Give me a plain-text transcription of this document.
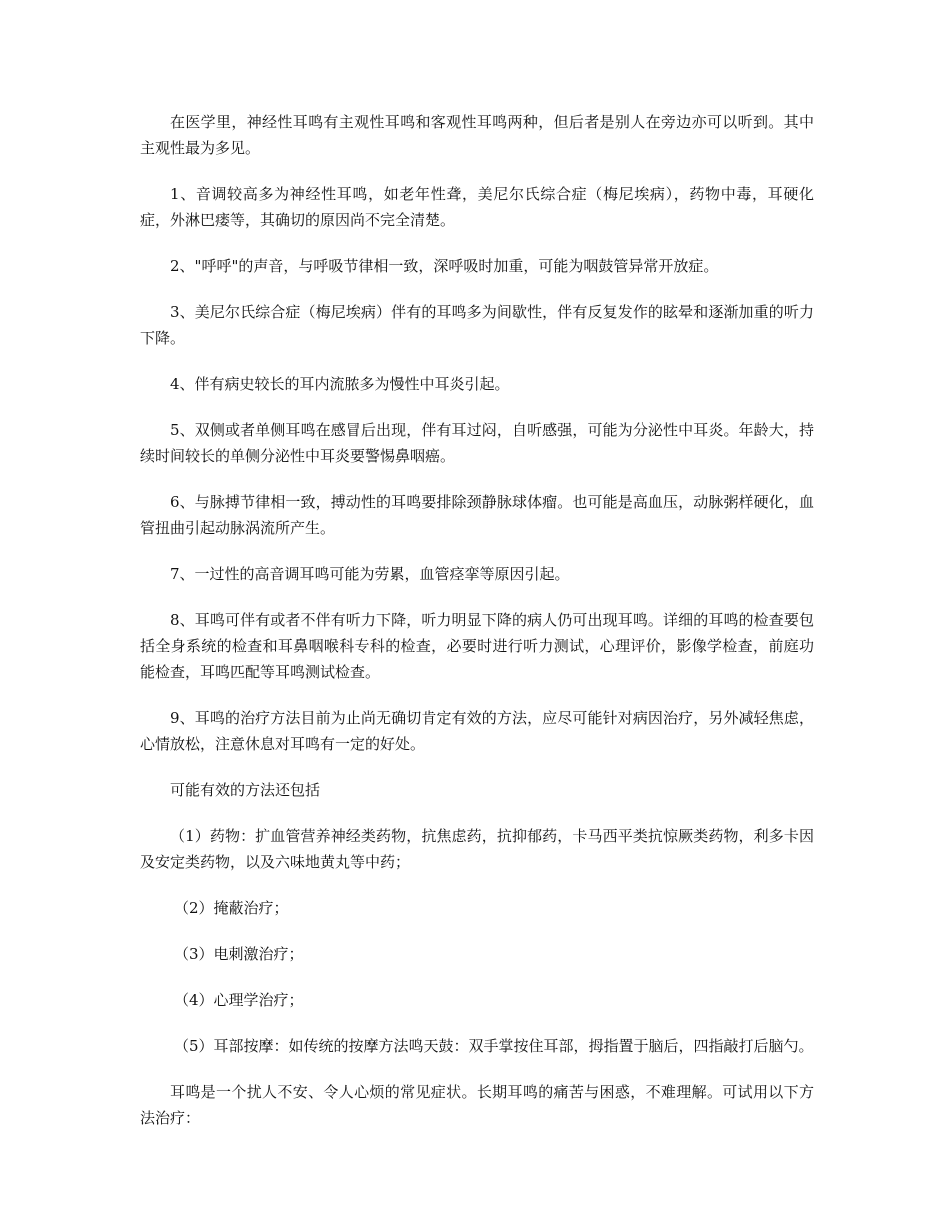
在医学里，神经性耳鸣有主观性耳鸣和客观性耳鸣两种，但后者是别人在旁边亦可以听到。其中主观性最为多见。

1、音调较高多为神经性耳鸣，如老年性聋，美尼尔氏综合症（梅尼埃病），药物中毒，耳硬化症，外淋巴瘘等，其确切的原因尚不完全清楚。

2、"呼呼"的声音，与呼吸节律相一致，深呼吸时加重，可能为咽鼓管异常开放症。

3、美尼尔氏综合症（梅尼埃病）伴有的耳鸣多为间歇性，伴有反复发作的眩晕和逐渐加重的听力下降。

4、伴有病史较长的耳内流脓多为慢性中耳炎引起。

5、双侧或者单侧耳鸣在感冒后出现，伴有耳过闷，自听感强，可能为分泌性中耳炎。年龄大，持续时间较长的单侧分泌性中耳炎要警惕鼻咽癌。

6、与脉搏节律相一致，搏动性的耳鸣要排除颈静脉球体瘤。也可能是高血压，动脉粥样硬化，血管扭曲引起动脉涡流所产生。

7、一过性的高音调耳鸣可能为劳累，血管痉挛等原因引起。

8、耳鸣可伴有或者不伴有听力下降，听力明显下降的病人仍可出现耳鸣。详细的耳鸣的检查要包括全身系统的检查和耳鼻咽喉科专科的检查，必要时进行听力测试，心理评价，影像学检查，前庭功能检查，耳鸣匹配等耳鸣测试检查。

9、耳鸣的治疗方法目前为止尚无确切肯定有效的方法，应尽可能针对病因治疗，另外减轻焦虑，心情放松，注意休息对耳鸣有一定的好处。

可能有效的方法还包括

（1）药物：扩血管营养神经类药物，抗焦虑药，抗抑郁药，卡马西平类抗惊厥类药物，利多卡因及安定类药物，以及六味地黄丸等中药；

（2）掩蔽治疗；

（3）电刺激治疗；

（4）心理学治疗；

（5）耳部按摩：如传统的按摩方法鸣天鼓：双手掌按住耳部，拇指置于脑后，四指敲打后脑勺。

耳鸣是一个扰人不安、令人心烦的常见症状。长期耳鸣的痛苦与困惑，不难理解。可试用以下方法治疗：
